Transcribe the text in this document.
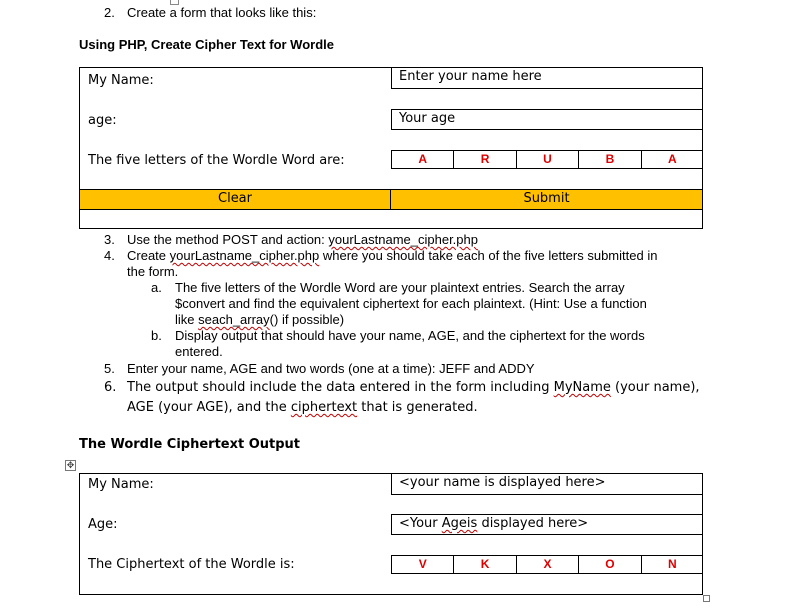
2. Create a form that looks like this:
Using PHP, Create Cipher Text for Wordle
My Name:	Enter your name here
age:	Your age
The five letters of the Wordle Word are:	A	R	U	B	A
Clear	Submit
3. Use the method POST and action: yourLastname_cipher.php
4. Create yourLastname_cipher.php where you should take each of the five letters submitted in
the form.
a. The five letters of the Wordle Word are your plaintext entries. Search the array
$convert and find the equivalent ciphertext for each plaintext. (Hint: Use a function
like seach_array() if possible)
b. Display output that should have your name, AGE, and the ciphertext for the words
entered.
5. Enter your name, AGE and two words (one at a time): JEFF and ADDY
6. The output should include the data entered in the form including MyName (your name),
AGE (your AGE), and the ciphertext that is generated.
The Wordle Ciphertext Output
✥
My Name:	<your name is displayed here>
Age:	<Your Ageis displayed here>
The Ciphertext of the Wordle is:	V	K	X	O	N
